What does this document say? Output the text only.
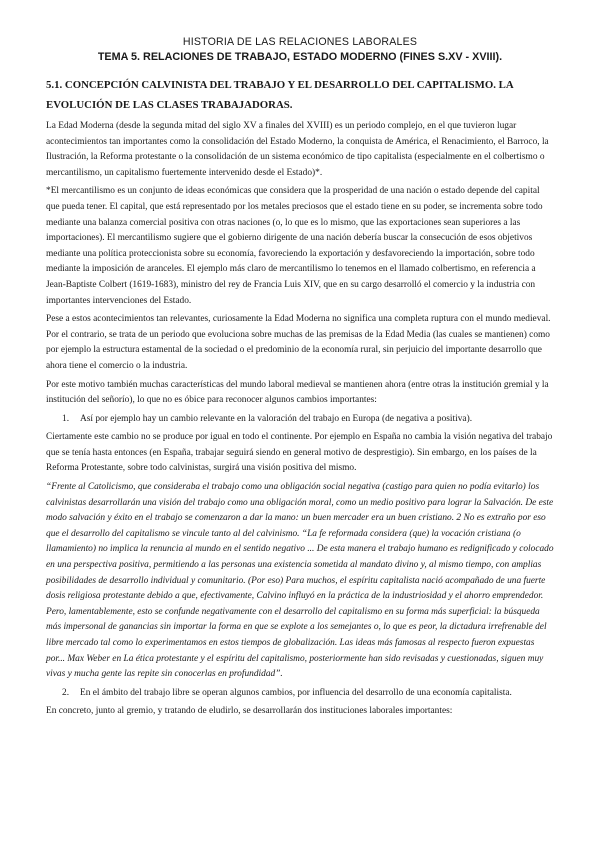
HISTORIA DE LAS RELACIONES LABORALES

TEMA 5. RELACIONES DE TRABAJO, ESTADO MODERNO (FINES S.XV - XVIII).

5.1. CONCEPCIÓN CALVINISTA DEL TRABAJO Y EL DESARROLLO DEL CAPITALISMO. LA EVOLUCIÓN DE LAS CLASES TRABAJADORAS.

La Edad Moderna (desde la segunda mitad del siglo XV a finales del XVIII) es un periodo complejo, en el que tuvieron lugar acontecimientos tan importantes como la consolidación del Estado Moderno, la conquista de América, el Renacimiento, el Barroco, la Ilustración, la Reforma protestante o la consolidación de un sistema económico de tipo capitalista (especialmente en el colbertismo o mercantilismo, un capitalismo fuertemente intervenido desde el Estado)*.

*El mercantilismo es un conjunto de ideas económicas que considera que la prosperidad de una nación o estado depende del capital que pueda tener. El capital, que está representado por los metales preciosos que el estado tiene en su poder, se incrementa sobre todo mediante una balanza comercial positiva con otras naciones (o, lo que es lo mismo, que las exportaciones sean superiores a las importaciones). El mercantilismo sugiere que el gobierno dirigente de una nación debería buscar la consecución de esos objetivos mediante una política proteccionista sobre su economía, favoreciendo la exportación y desfavoreciendo la importación, sobre todo mediante la imposición de aranceles. El ejemplo más claro de mercantilismo lo tenemos en el llamado colbertismo, en referencia a Jean-Baptiste Colbert (1619-1683), ministro del rey de Francia Luis XIV, que en su cargo desarrolló el comercio y la industria con importantes intervenciones del Estado.

Pese a estos acontecimientos tan relevantes, curiosamente la Edad Moderna no significa una completa ruptura con el mundo medieval. Por el contrario, se trata de un periodo que evoluciona sobre muchas de las premisas de la Edad Media (las cuales se mantienen) como por ejemplo la estructura estamental de la sociedad o el predominio de la economía rural, sin perjuicio del importante desarrollo que ahora tiene el comercio o la industria.

Por este motivo también muchas características del mundo laboral medieval se mantienen ahora (entre otras la institución gremial y la institución del señorío), lo que no es óbice para reconocer algunos cambios importantes:

1.	Así por ejemplo hay un cambio relevante en la valoración del trabajo en Europa (de negativa a positiva).

Ciertamente este cambio no se produce por igual en todo el continente. Por ejemplo en España no cambia la visión negativa del trabajo que se tenía hasta entonces (en España, trabajar seguirá siendo en general motivo de desprestigio). Sin embargo, en los países de la Reforma Protestante, sobre todo calvinistas, surgirá una visión positiva del mismo.

“Frente al Catolicismo, que consideraba el trabajo como una obligación social negativa (castigo para quien no podía evitarlo) los calvinistas desarrollarán una visión del trabajo como una obligación moral, como un medio positivo para lograr la Salvación. De este modo salvación y éxito en el trabajo se comenzaron a dar la mano: un buen mercader era un buen cristiano. 2 No es extraño por eso que el desarrollo del capitalismo se vincule tanto al del calvinismo. “La fe reformada considera (que) la vocación cristiana (o llamamiento) no implica la renuncia al mundo en el sentido negativo ... De esta manera el trabajo humano es redignificado y colocado en una perspectiva positiva, permitiendo a las personas una existencia sometida al mandato divino y, al mismo tiempo, con amplias posibilidades de desarrollo individual y comunitario. (Por eso) Para muchos, el espíritu capitalista nació acompañado de una fuerte dosis religiosa protestante debido a que, efectivamente, Calvino influyó en la práctica de la industriosidad y el ahorro emprendedor. Pero, lamentablemente, esto se confunde negativamente con el desarrollo del capitalismo en su forma más superficial: la búsqueda más impersonal de ganancias sin importar la forma en que se explote a los semejantes o, lo que es peor, la dictadura irrefrenable del libre mercado tal como lo experimentamos en estos tiempos de globalización. Las ideas más famosas al respecto fueron expuestas por... Max Weber en La ética protestante y el espíritu del capitalismo, posteriormente han sido revisadas y cuestionadas, siguen muy vivas y mucha gente las repite sin conocerlas en profundidad”.

2.	En el ámbito del trabajo libre se operan algunos cambios, por influencia del desarrollo de una economía capitalista.

En concreto, junto al gremio, y tratando de eludirlo, se desarrollarán dos instituciones laborales importantes:
